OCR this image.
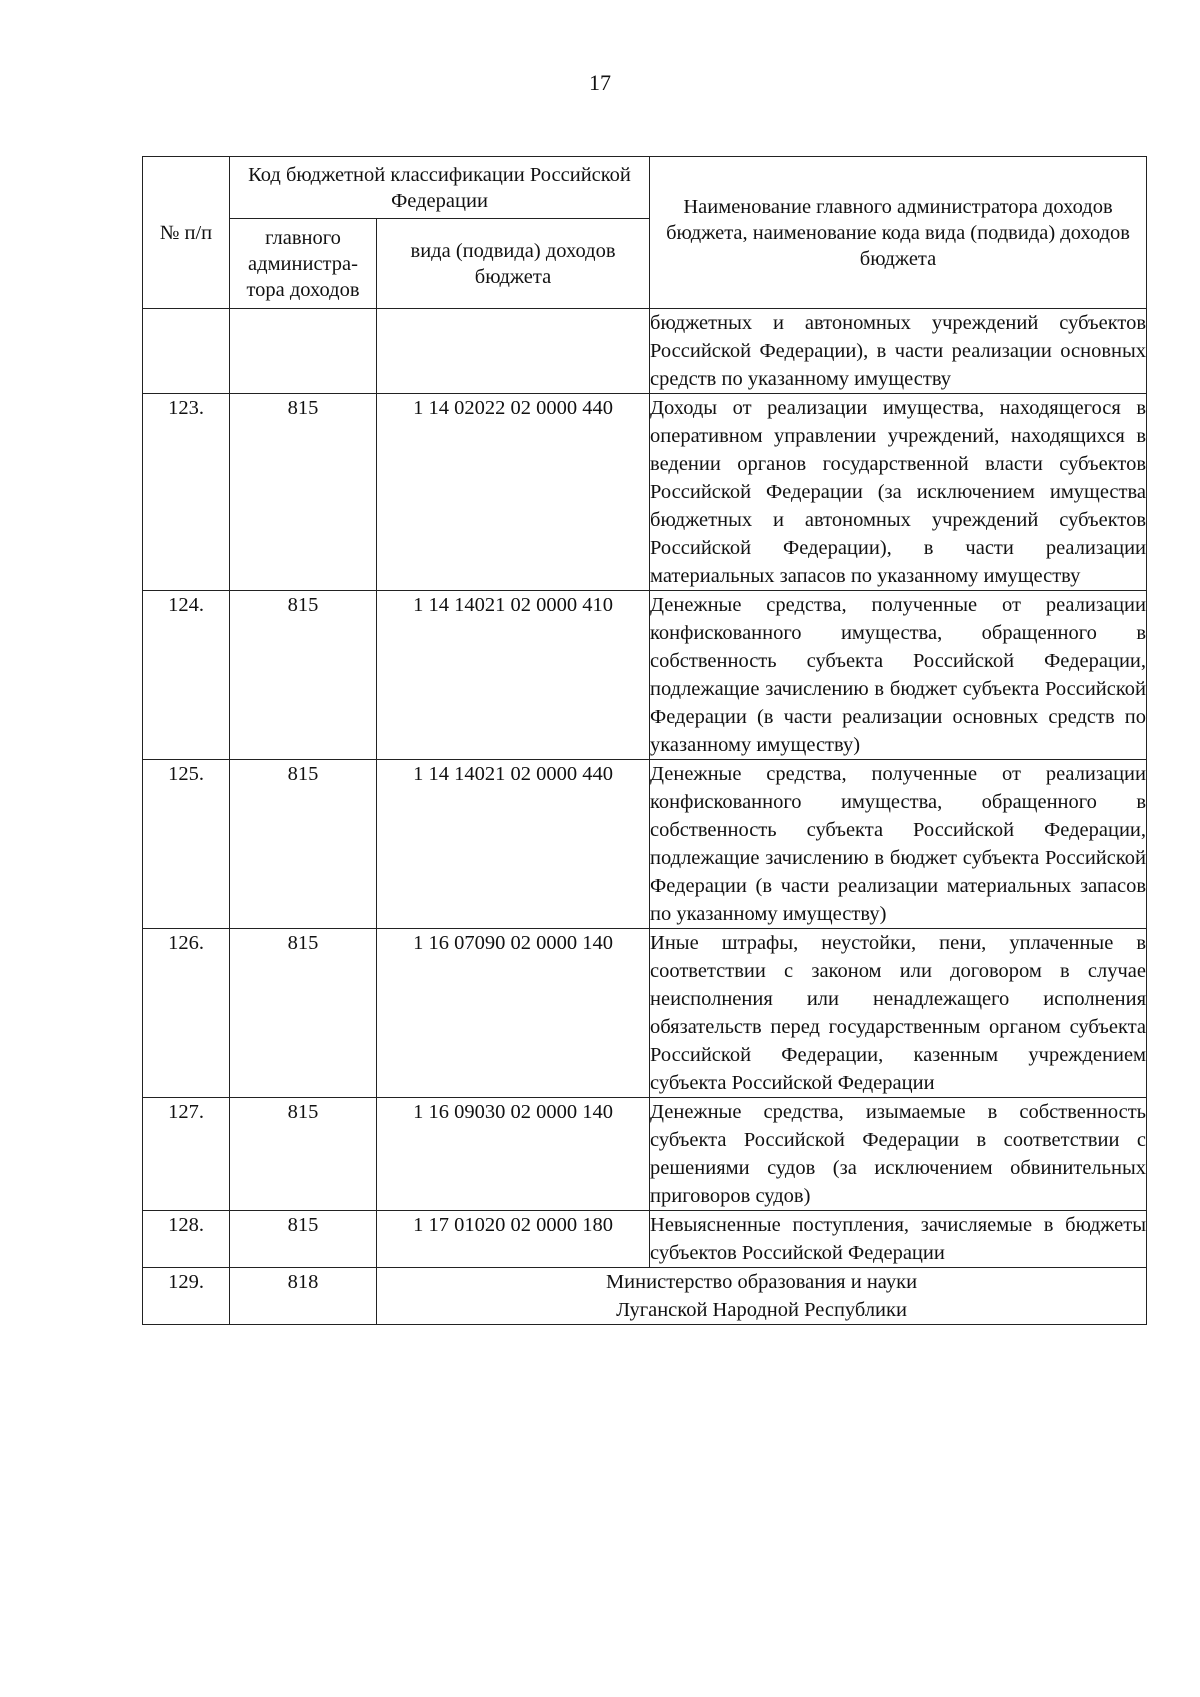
17
№ п/п	Код бюджетной классификации Российской Федерации		Наименование главного администратора доходов бюджета, наименование кода вида (подвида) доходов бюджета
	главного администра-тора доходов	вида (подвида) доходов бюджета	
			бюджетных и автономных учреждений субъектов Российской Федерации), в части реализации основных средств по указанному имуществу
123.	815	1 14 02022 02 0000 440	Доходы от реализации имущества, находящегося в оперативном управлении учреждений, находящихся в ведении органов государственной власти субъектов Российской Федерации (за исключением имущества бюджетных и автономных учреждений субъектов Российской Федерации), в части реализации материальных запасов по указанному имуществу
124.	815	1 14 14021 02 0000 410	Денежные средства, полученные от реализации конфискованного имущества, обращенного в собственность субъекта Российской Федерации, подлежащие зачислению в бюджет субъекта Российской Федерации (в части реализации основных средств по указанному имуществу)
125.	815	1 14 14021 02 0000 440	Денежные средства, полученные от реализации конфискованного имущества, обращенного в собственность субъекта Российской Федерации, подлежащие зачислению в бюджет субъекта Российской Федерации (в части реализации материальных запасов по указанному имуществу)
126.	815	1 16 07090 02 0000 140	Иные штрафы, неустойки, пени, уплаченные в соответствии с законом или договором в случае неисполнения или ненадлежащего исполнения обязательств перед государственным органом субъекта Российской Федерации, казенным учреждением субъекта Российской Федерации
127.	815	1 16 09030 02 0000 140	Денежные средства, изымаемые в собственность субъекта Российской Федерации в соответствии с решениями судов (за исключением обвинительных приговоров судов)
128.	815	1 17 01020 02 0000 180	Невыясненные поступления, зачисляемые в бюджеты субъектов Российской Федерации
129.	818	Министерство образования и науки
Луганской Народной Республики	
